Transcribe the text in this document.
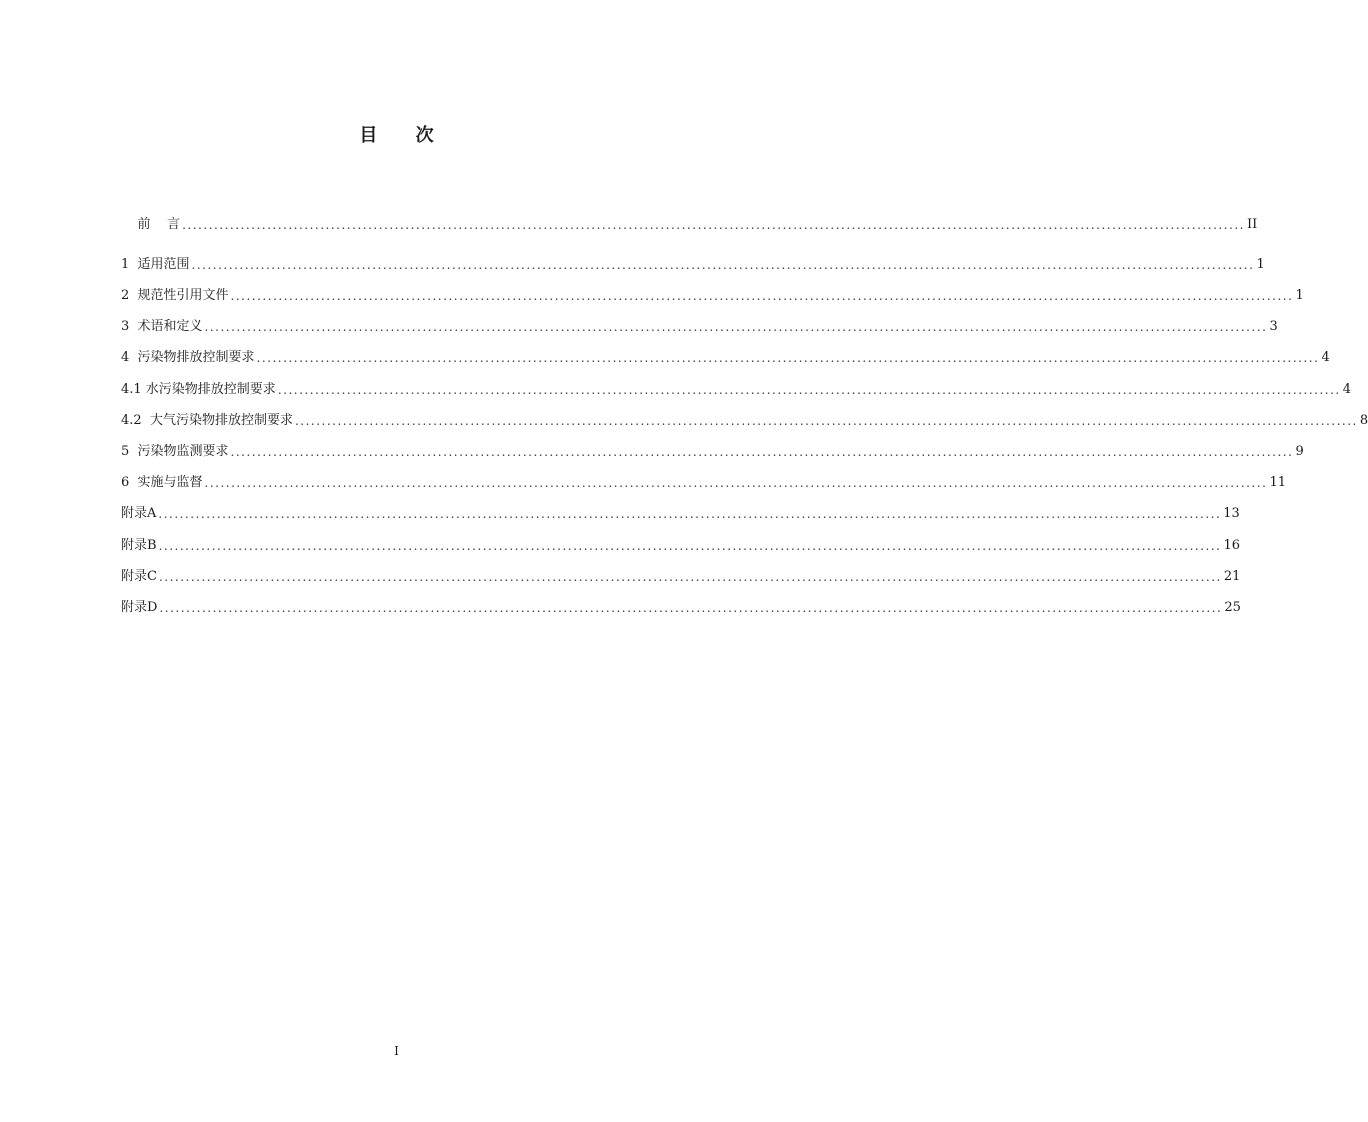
目 次
前    言 ........................................................................................................................................................................................................ II
1  适用范围 ........................................................................................................................................................................................................ 1
2  规范性引用文件 ........................................................................................................................................................................................................ 1
3  术语和定义 ........................................................................................................................................................................................................ 3
4  污染物排放控制要求 ........................................................................................................................................................................................................ 4
4.1 水污染物排放控制要求 ........................................................................................................................................................................................................ 4
4.2  大气污染物排放控制要求 ........................................................................................................................................................................................................ 8
5  污染物监测要求 ........................................................................................................................................................................................................ 9
6  实施与监督 ........................................................................................................................................................................................................ 11
附录A ........................................................................................................................................................................................................ 13
附录B ........................................................................................................................................................................................................ 16
附录C ........................................................................................................................................................................................................ 21
附录D ........................................................................................................................................................................................................ 25
I
